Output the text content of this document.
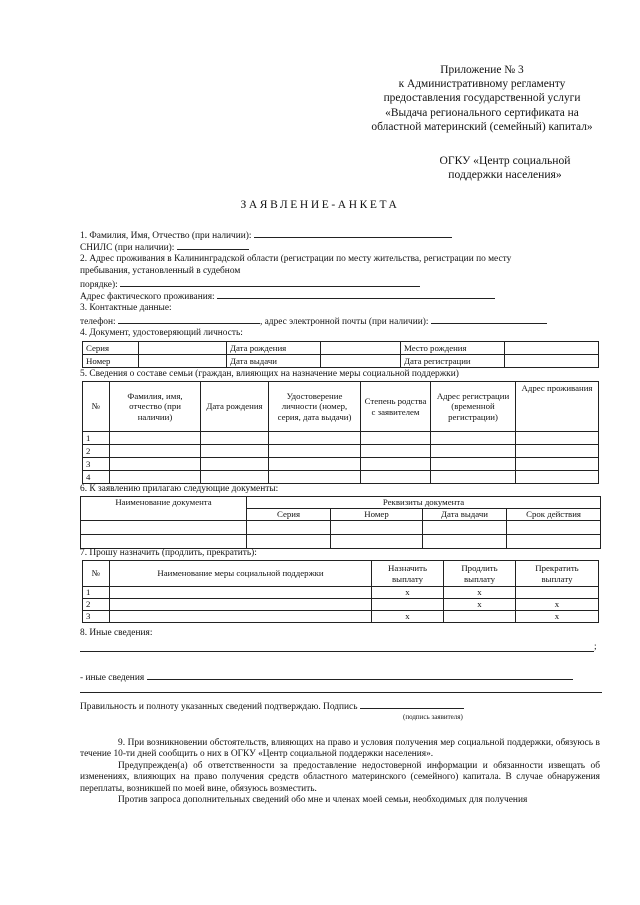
Приложение № 3
к Административному регламенту
предоставления государственной услуги
«Выдача регионального сертификата на
областной материнский (семейный) капитал»
ОГКУ «Центр социальной
поддержки населения»
ЗАЯВЛЕНИЕ-АНКЕТА
1. Фамилия, Имя, Отчество (при наличии):
СНИЛС (при наличии):
2. Адрес проживания в Калининградской области (регистрации по месту жительства, регистрации по месту
пребывания, установленный в судебном
порядке):
Адрес фактического проживания:
3. Контактные данные:
телефон:	, адрес электронной почты (при наличии):
4. Документ, удостоверяющий личность:
Серия		Дата рождения		Место рождения	
Номер		Дата выдачи		Дата регистрации	
5. Сведения о составе семьи (граждан, влияющих на назначение меры социальной поддержки)
№	Фамилия, имя, отчество (при наличии)	Дата рождения	Удостоверение личности (номер, серия, дата выдачи)	Степень родства с заявителем	Адрес регистрации (временной регистрации)	Адрес проживания
1						
2						
3						
4						
6. К заявлению прилагаю следующие документы:
Наименование документа	Реквизиты документа			
	Серия	Номер	Дата выдачи	Срок действия

7. Прошу назначить (продлить, прекратить):
№	Наименование меры социальной поддержки	Назначить выплату	Продлить выплату	Прекратить выплату
1		х	х	
2			х	х
3		х		х
8. Иные сведения:
;
- иные сведения
Правильность и полноту указанных сведений подтверждаю. Подпись
(подпись заявителя)

9. При возникновении обстоятельств, влияющих на право и условия получения мер социальной поддержки, обязуюсь в течение 10-ти дней сообщить о них в ОГКУ «Центр социальной поддержки населения».

Предупрежден(а) об ответственности за предоставление недостоверной информации и обязанности извещать об изменениях, влияющих на право получения средств областного материнского (семейного) капитала. В случае обнаружения переплаты, возникшей по моей вине, обязуюсь возместить.

Против запроса дополнительных сведений обо мне и членах моей семьи, необходимых для получения
